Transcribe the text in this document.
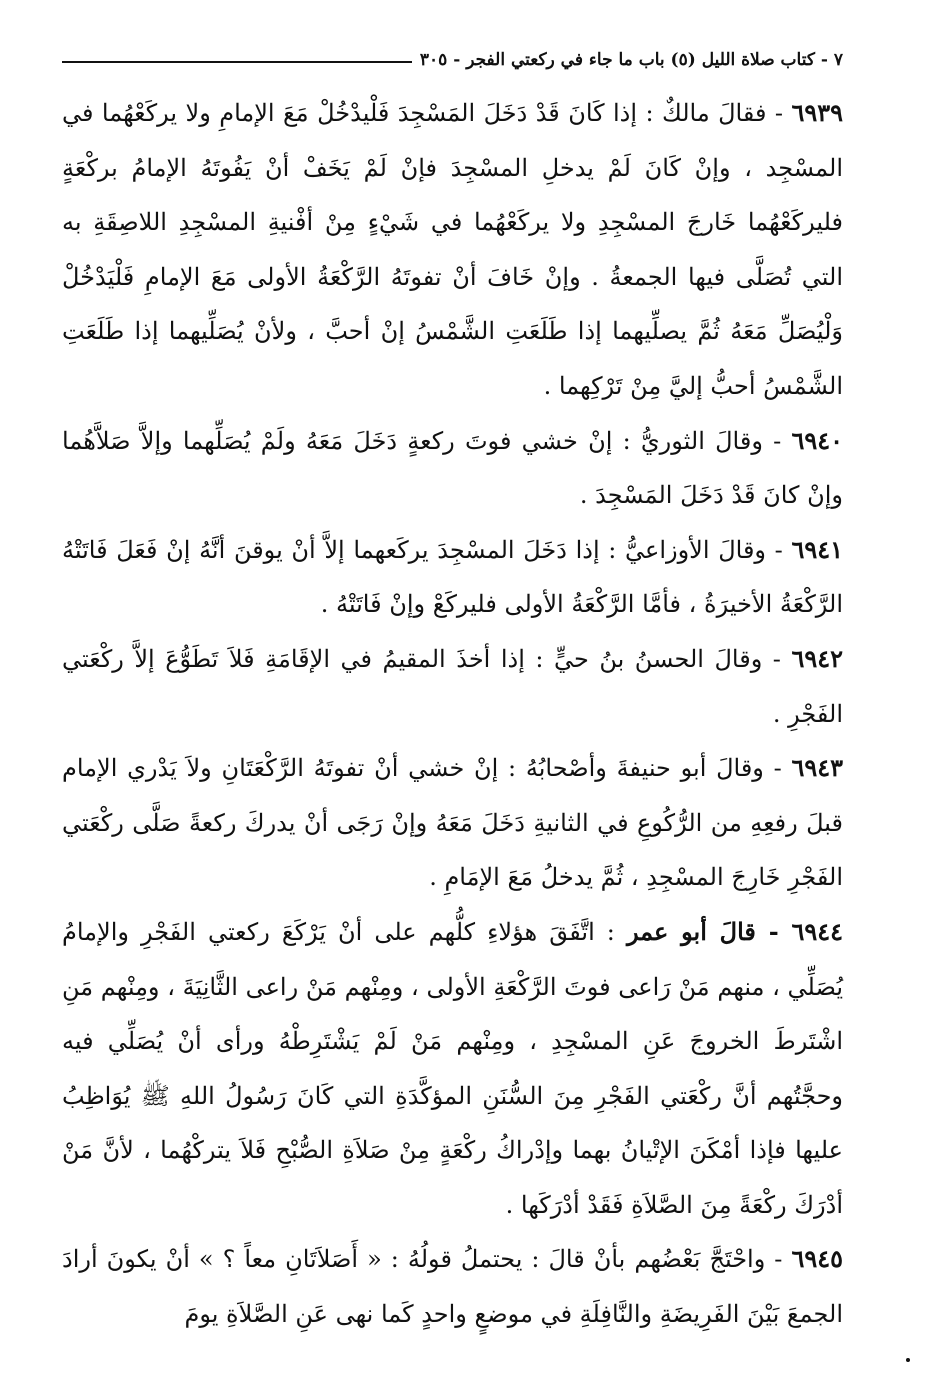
٧ - كتاب صلاة الليل (٥) باب ما جاء في ركعتي الفجر - ٣٠٥

٦٩٣٩ - فقالَ مالكٌ : إذا كَانَ قَدْ دَخَلَ المَسْجِدَ فَلْيدْخُلْ مَعَ الإمامِ ولا يركَعْهُما في المسْجِد ، وإنْ كَانَ لَمْ يدخلِ المسْجِدَ فإنْ لَمْ يَخَفْ أنْ يَفُوتَهُ الإمامُ بركْعَةٍ فليركَعْهُما خَارجَ المسْجِدِ ولا يركَعْهُما في شَيْءٍ مِنْ أفْنيةِ المسْجِدِ اللاصِقَةِ به التي تُصَلَّى فيها الجمعةُ . وإنْ خَافَ أنْ تفوتَهُ الرَّكْعَةُ الأولى مَعَ الإمامِ فَلْيَدْخُلْ وَلْيُصَلِّ مَعَهُ ثُمَّ يصلِّيهما إذا طَلَعَتِ الشَّمْسُ إنْ أحبَّ ، ولأنْ يُصَلِّيهما إذا طَلَعَتِ الشَّمْسُ أحبُّ إليَّ مِنْ تَرْكِهما .

٦٩٤٠ - وقالَ الثوريُّ : إنْ خشي فوتَ ركعةٍ دَخَلَ مَعَهُ ولَمْ يُصَلِّهما وإلاَّ صَلاَّهُما وإنْ كانَ قَدْ دَخَلَ المَسْجِدَ .

٦٩٤١ - وقالَ الأوزاعيُّ : إذا دَخَلَ المسْجِدَ يركَعهما إلاَّ أنْ يوقنَ أنَّهُ إنْ فَعَلَ فَاتَتْهُ الرَّكْعَةُ الأخيرَةُ ، فأمَّا الرَّكْعَةُ الأولى فليركَعْ وإنْ فَاتَتْهُ .

٦٩٤٢ - وقالَ الحسنُ بنُ حيٍّ : إذا أخذَ المقيمُ في الإقَامَةِ فَلاَ تَطَوُّعَ إلاَّ ركْعَتي الفَجْرِ .

٦٩٤٣ - وقالَ أبو حنيفةَ وأصْحابُهُ : إنْ خشي أنْ تفوتَهُ الرَّكْعَتَانِ ولاَ يَدْري الإمام قبلَ رفعِهِ من الرُّكُوعِ في الثانيةِ دَخَلَ مَعَهُ وإنْ رَجَى أنْ يدركَ ركعةً صَلَّى ركْعَتي الفَجْرِ خَارِجَ المسْجِدِ ، ثُمَّ يدخلُ مَعَ الإمَامِ .

٦٩٤٤ - قالَ أبو عمر : اتَّفَقَ هؤلاءِ كلُّهم على أنْ يَرْكَعَ ركعتي الفَجْرِ والإمامُ يُصَلِّي ، منهم مَنْ رَاعى فوتَ الرَّكْعَةِ الأولى ، ومِنْهم مَنْ راعى الثَّانِيَةَ ، ومِنْهم مَنِ اشْتَرطَ الخروجَ عَنِ المسْجِدِ ، ومِنْهم مَنْ لَمْ يَشْتَرِطْهُ ورأى أنْ يُصَلِّي فيه وحجَّتُهم أنَّ ركْعَتي الفَجْرِ مِنَ السُّنَنِ المؤكَّدَةِ التي كَانَ رَسُولُ اللهِ ﷺ يُوَاظِبُ عليها فإذا أمْكَنَ الإتْيانُ بهما وإدْراكُ ركْعَةٍ مِنْ صَلاَةِ الصُّبْحِ فَلاَ يتركْهُما ، لأنَّ مَنْ أدْرَكَ ركْعَةً مِنَ الصَّلاَةِ فَقَدْ أدْرَكَها .

٦٩٤٥ - واحْتَجَّ بَعْضُهم بأنْ قالَ : يحتملُ قولُهُ : « أَصَلاَتَانِ معاً ؟ » أنْ يكونَ أرادَ الجمعَ بَيْنَ الفَرِيضَةِ والنَّافِلَةِ في موضعٍ واحدٍ كَما نهى عَنِ الصَّلاَةِ يومَ
